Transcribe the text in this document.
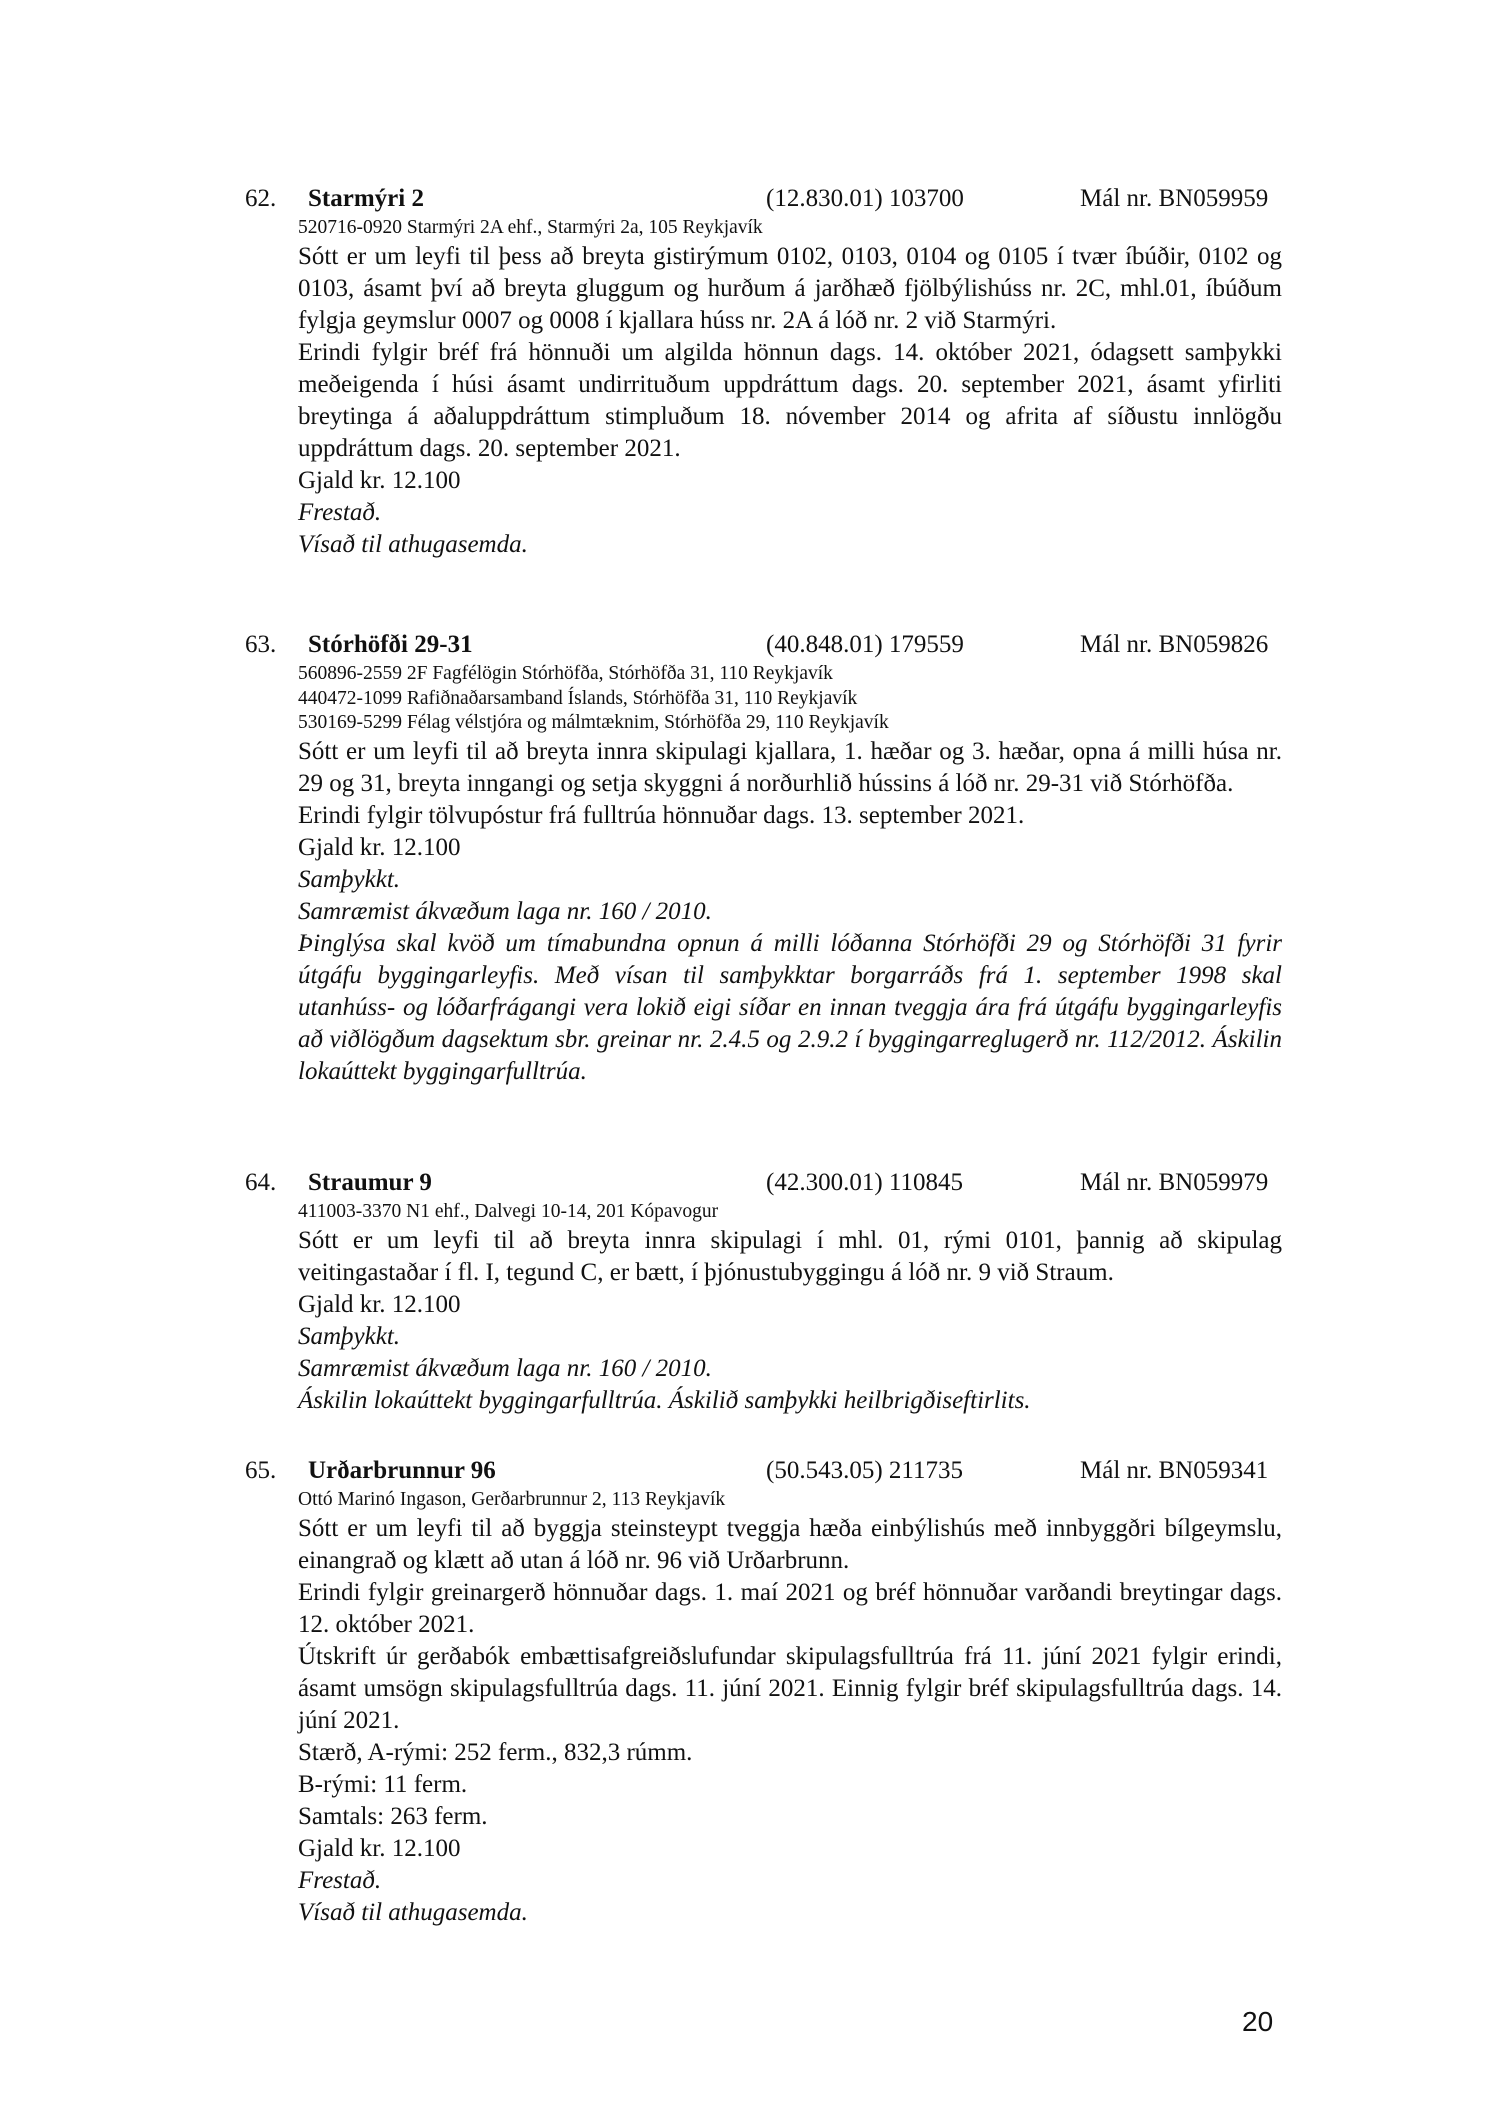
62. Starmýri 2	(12.830.01) 103700	Mál nr. BN059959
520716-0920 Starmýri 2A ehf., Starmýri 2a, 105 Reykjavík
Sótt er um leyfi til þess að breyta gistirýmum 0102, 0103, 0104 og 0105 í tvær íbúðir, 0102 og 0103, ásamt því að breyta gluggum og hurðum á jarðhæð fjölbýlishúss nr. 2C, mhl.01, íbúðum fylgja geymslur 0007 og 0008 í kjallara húss nr. 2A á lóð nr. 2 við Starmýri.
Erindi fylgir bréf frá hönnuði um algilda hönnun dags. 14. október 2021, ódagsett samþykki meðeigenda í húsi ásamt undirrituðum uppdráttum dags. 20. september 2021, ásamt yfirliti breytinga á aðaluppdráttum stimpluðum 18. nóvember 2014 og afrita af síðustu innlögðu uppdráttum dags. 20. september 2021.
Gjald kr. 12.100
Frestað.
Vísað til athugasemda.
63. Stórhöfði 29-31	(40.848.01) 179559	Mál nr. BN059826
560896-2559 2F Fagfélögin Stórhöfða, Stórhöfða 31, 110 Reykjavík
440472-1099 Rafiðnaðarsamband Íslands, Stórhöfða 31, 110 Reykjavík
530169-5299 Félag vélstjóra og málmtæknim, Stórhöfða 29, 110 Reykjavík
Sótt er um leyfi til að breyta innra skipulagi kjallara, 1. hæðar og 3. hæðar, opna á milli húsa nr. 29 og 31, breyta inngangi og setja skyggni á norðurhlið hússins á lóð nr. 29-31 við Stórhöfða.
Erindi fylgir tölvupóstur frá fulltrúa hönnuðar dags. 13. september 2021.
Gjald kr. 12.100
Samþykkt.
Samræmist ákvæðum laga nr. 160 / 2010.
Þinglýsa skal kvöð um tímabundna opnun á milli lóðanna Stórhöfði 29 og Stórhöfði 31 fyrir útgáfu byggingarleyfis. Með vísan til samþykktar borgarráðs frá 1. september 1998 skal utanhúss- og lóðarfrágangi vera lokið eigi síðar en innan tveggja ára frá útgáfu byggingarleyfis að viðlögðum dagsektum sbr. greinar nr. 2.4.5 og 2.9.2 í byggingarreglugerð nr. 112/2012. Áskilin lokaúttekt byggingarfulltrúa.
64. Straumur 9	(42.300.01) 110845	Mál nr. BN059979
411003-3370 N1 ehf., Dalvegi 10-14, 201 Kópavogur
Sótt er um leyfi til að breyta innra skipulagi í mhl. 01, rými 0101, þannig að skipulag veitingastaðar í fl. I, tegund C, er bætt, í þjónustubyggingu á lóð nr. 9 við Straum.
Gjald kr. 12.100
Samþykkt.
Samræmist ákvæðum laga nr. 160 / 2010.
Áskilin lokaúttekt byggingarfulltrúa. Áskilið samþykki heilbrigðiseftirlits.
65. Urðarbrunnur 96	(50.543.05) 211735	Mál nr. BN059341
Ottó Marinó Ingason, Gerðarbrunnur 2, 113 Reykjavík
Sótt er um leyfi til að byggja steinsteypt tveggja hæða einbýlishús með innbyggðri bílgeymslu, einangrað og klætt að utan á lóð nr. 96 við Urðarbrunn.
Erindi fylgir greinargerð hönnuðar dags. 1. maí 2021 og bréf hönnuðar varðandi breytingar dags. 12. október 2021.
Útskrift úr gerðabók embættisafgreiðslufundar skipulagsfulltrúa frá 11. júní 2021 fylgir erindi, ásamt umsögn skipulagsfulltrúa dags. 11. júní 2021. Einnig fylgir bréf skipulagsfulltrúa dags. 14. júní 2021.
Stærð, A-rými: 252 ferm., 832,3 rúmm.
B-rými: 11 ferm.
Samtals: 263 ferm.
Gjald kr. 12.100
Frestað.
Vísað til athugasemda.
20
